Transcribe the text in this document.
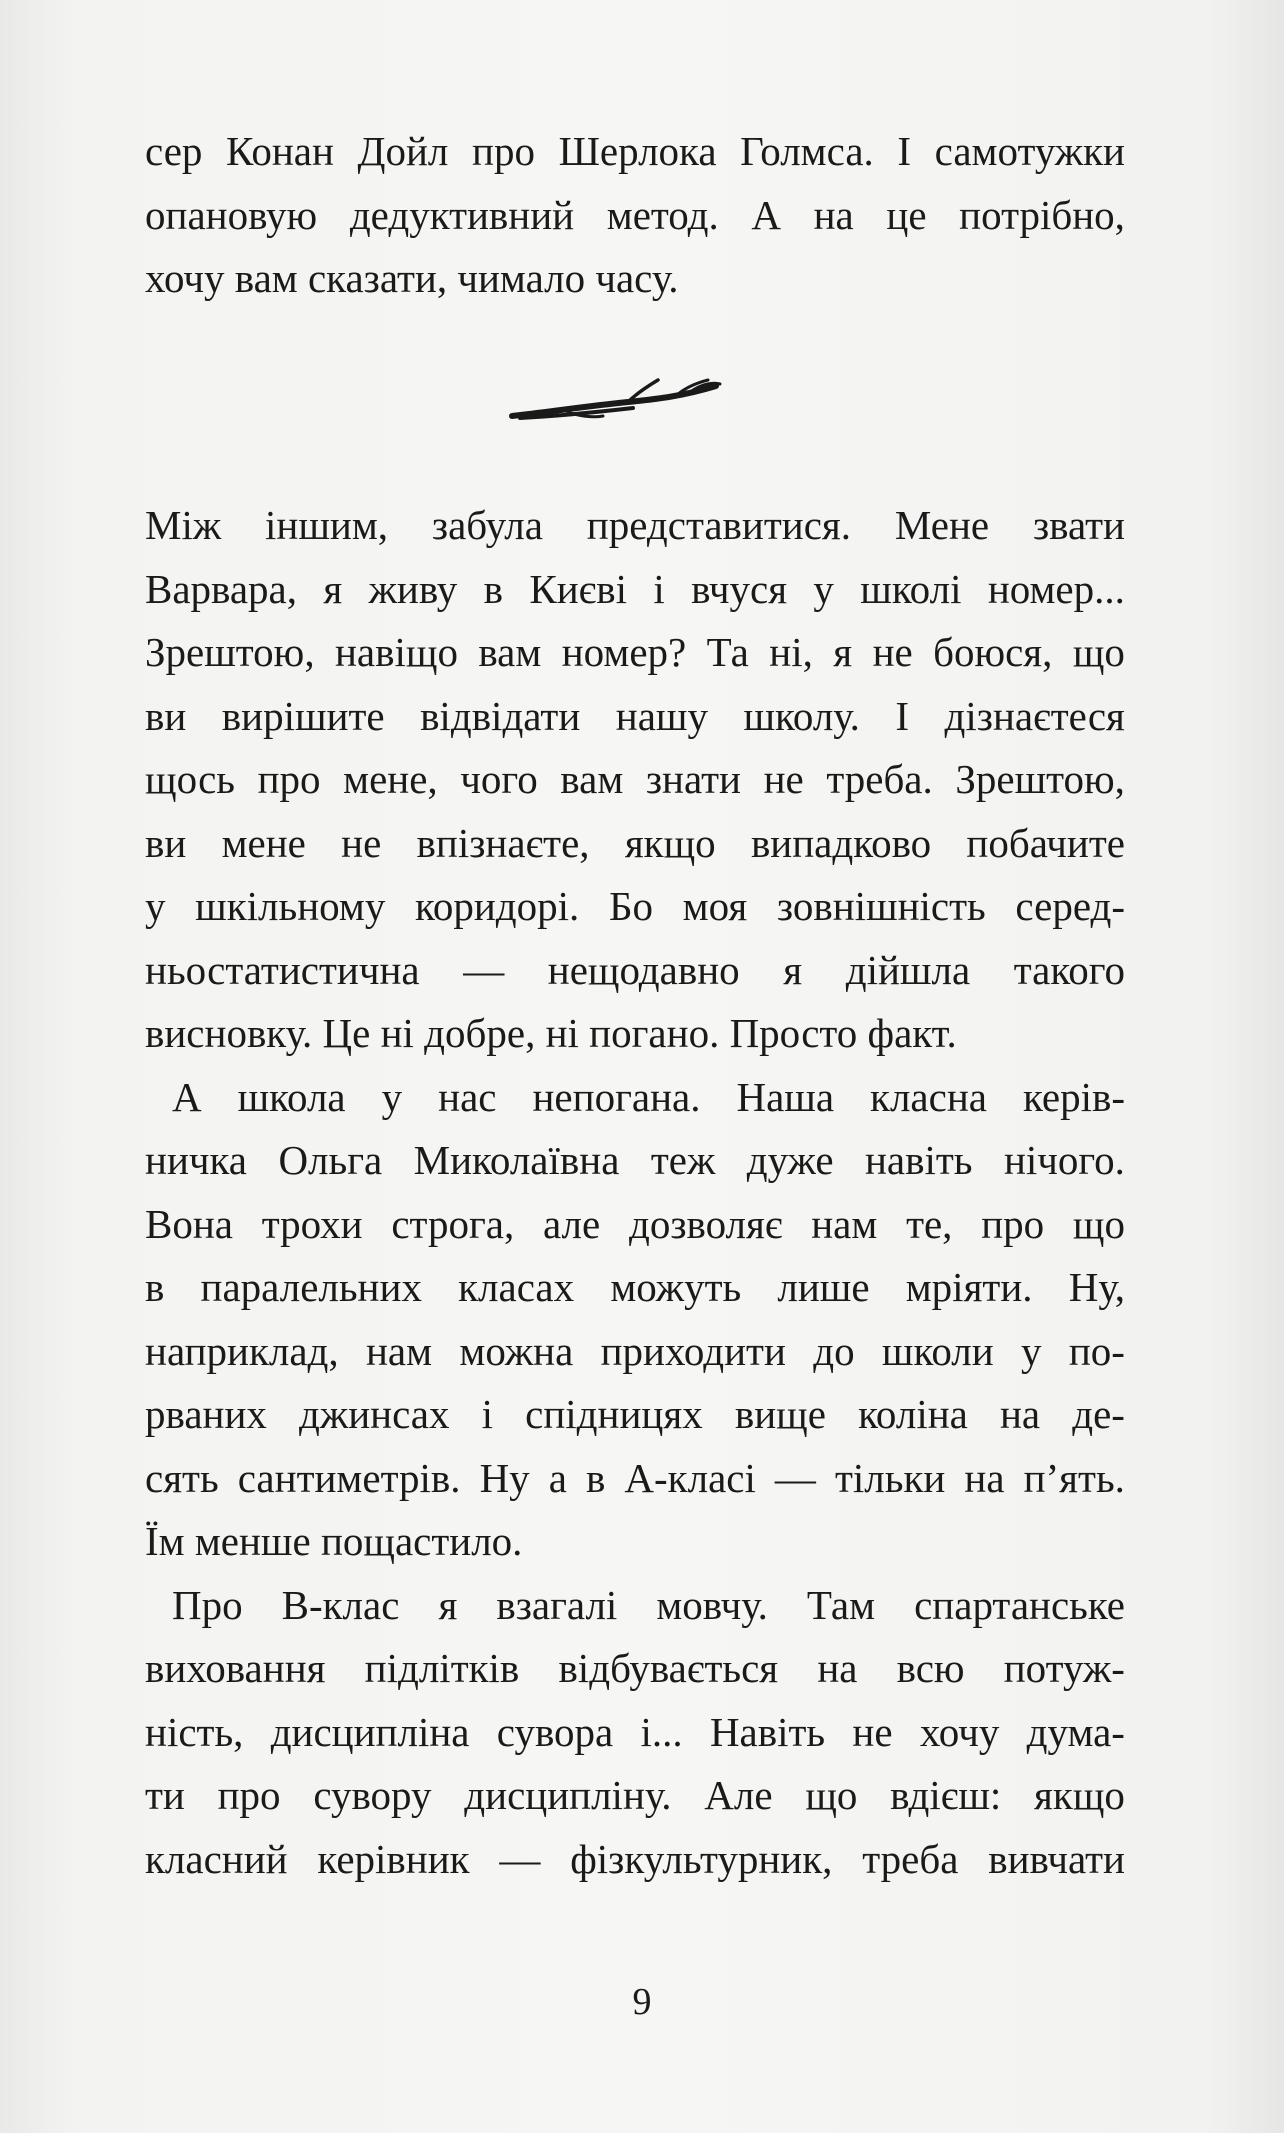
сер Конан Дойл про Шерлока Голмса. І самотужки
опановую дедуктивний метод. А на це потрібно,
хочу вам сказати, чимало часу.
Між іншим, забула представитися. Мене звати
Варвара, я живу в Києві і вчуся у школі номер...
Зрештою, навіщо вам номер? Та ні, я не боюся, що
ви вирішите відвідати нашу школу. І дізнаєтеся
щось про мене, чого вам знати не треба. Зрештою,
ви мене не впізнаєте, якщо випадково побачите
у шкільному коридорі. Бо моя зовнішність серед-
ньостатистична — нещодавно я дійшла такого
висновку. Це ні добре, ні погано. Просто факт.
А школа у нас непогана. Наша класна керів-
ничка Ольга Миколаївна теж дуже навіть нічого.
Вона трохи строга, але дозволяє нам те, про що
в паралельних класах можуть лише мріяти. Ну,
наприклад, нам можна приходити до школи у по-
рваних джинсах і спідницях вище коліна на де-
сять сантиметрів. Ну а в А-класі — тільки на п’ять.
Їм менше пощастило.
Про В-клас я взагалі мовчу. Там спартанське
виховання підлітків відбувається на всю потуж-
ність, дисципліна сувора і... Навіть не хочу дума-
ти про сувору дисципліну. Але що вдієш: якщо
класний керівник — фізкультурник, треба вивчати
9
